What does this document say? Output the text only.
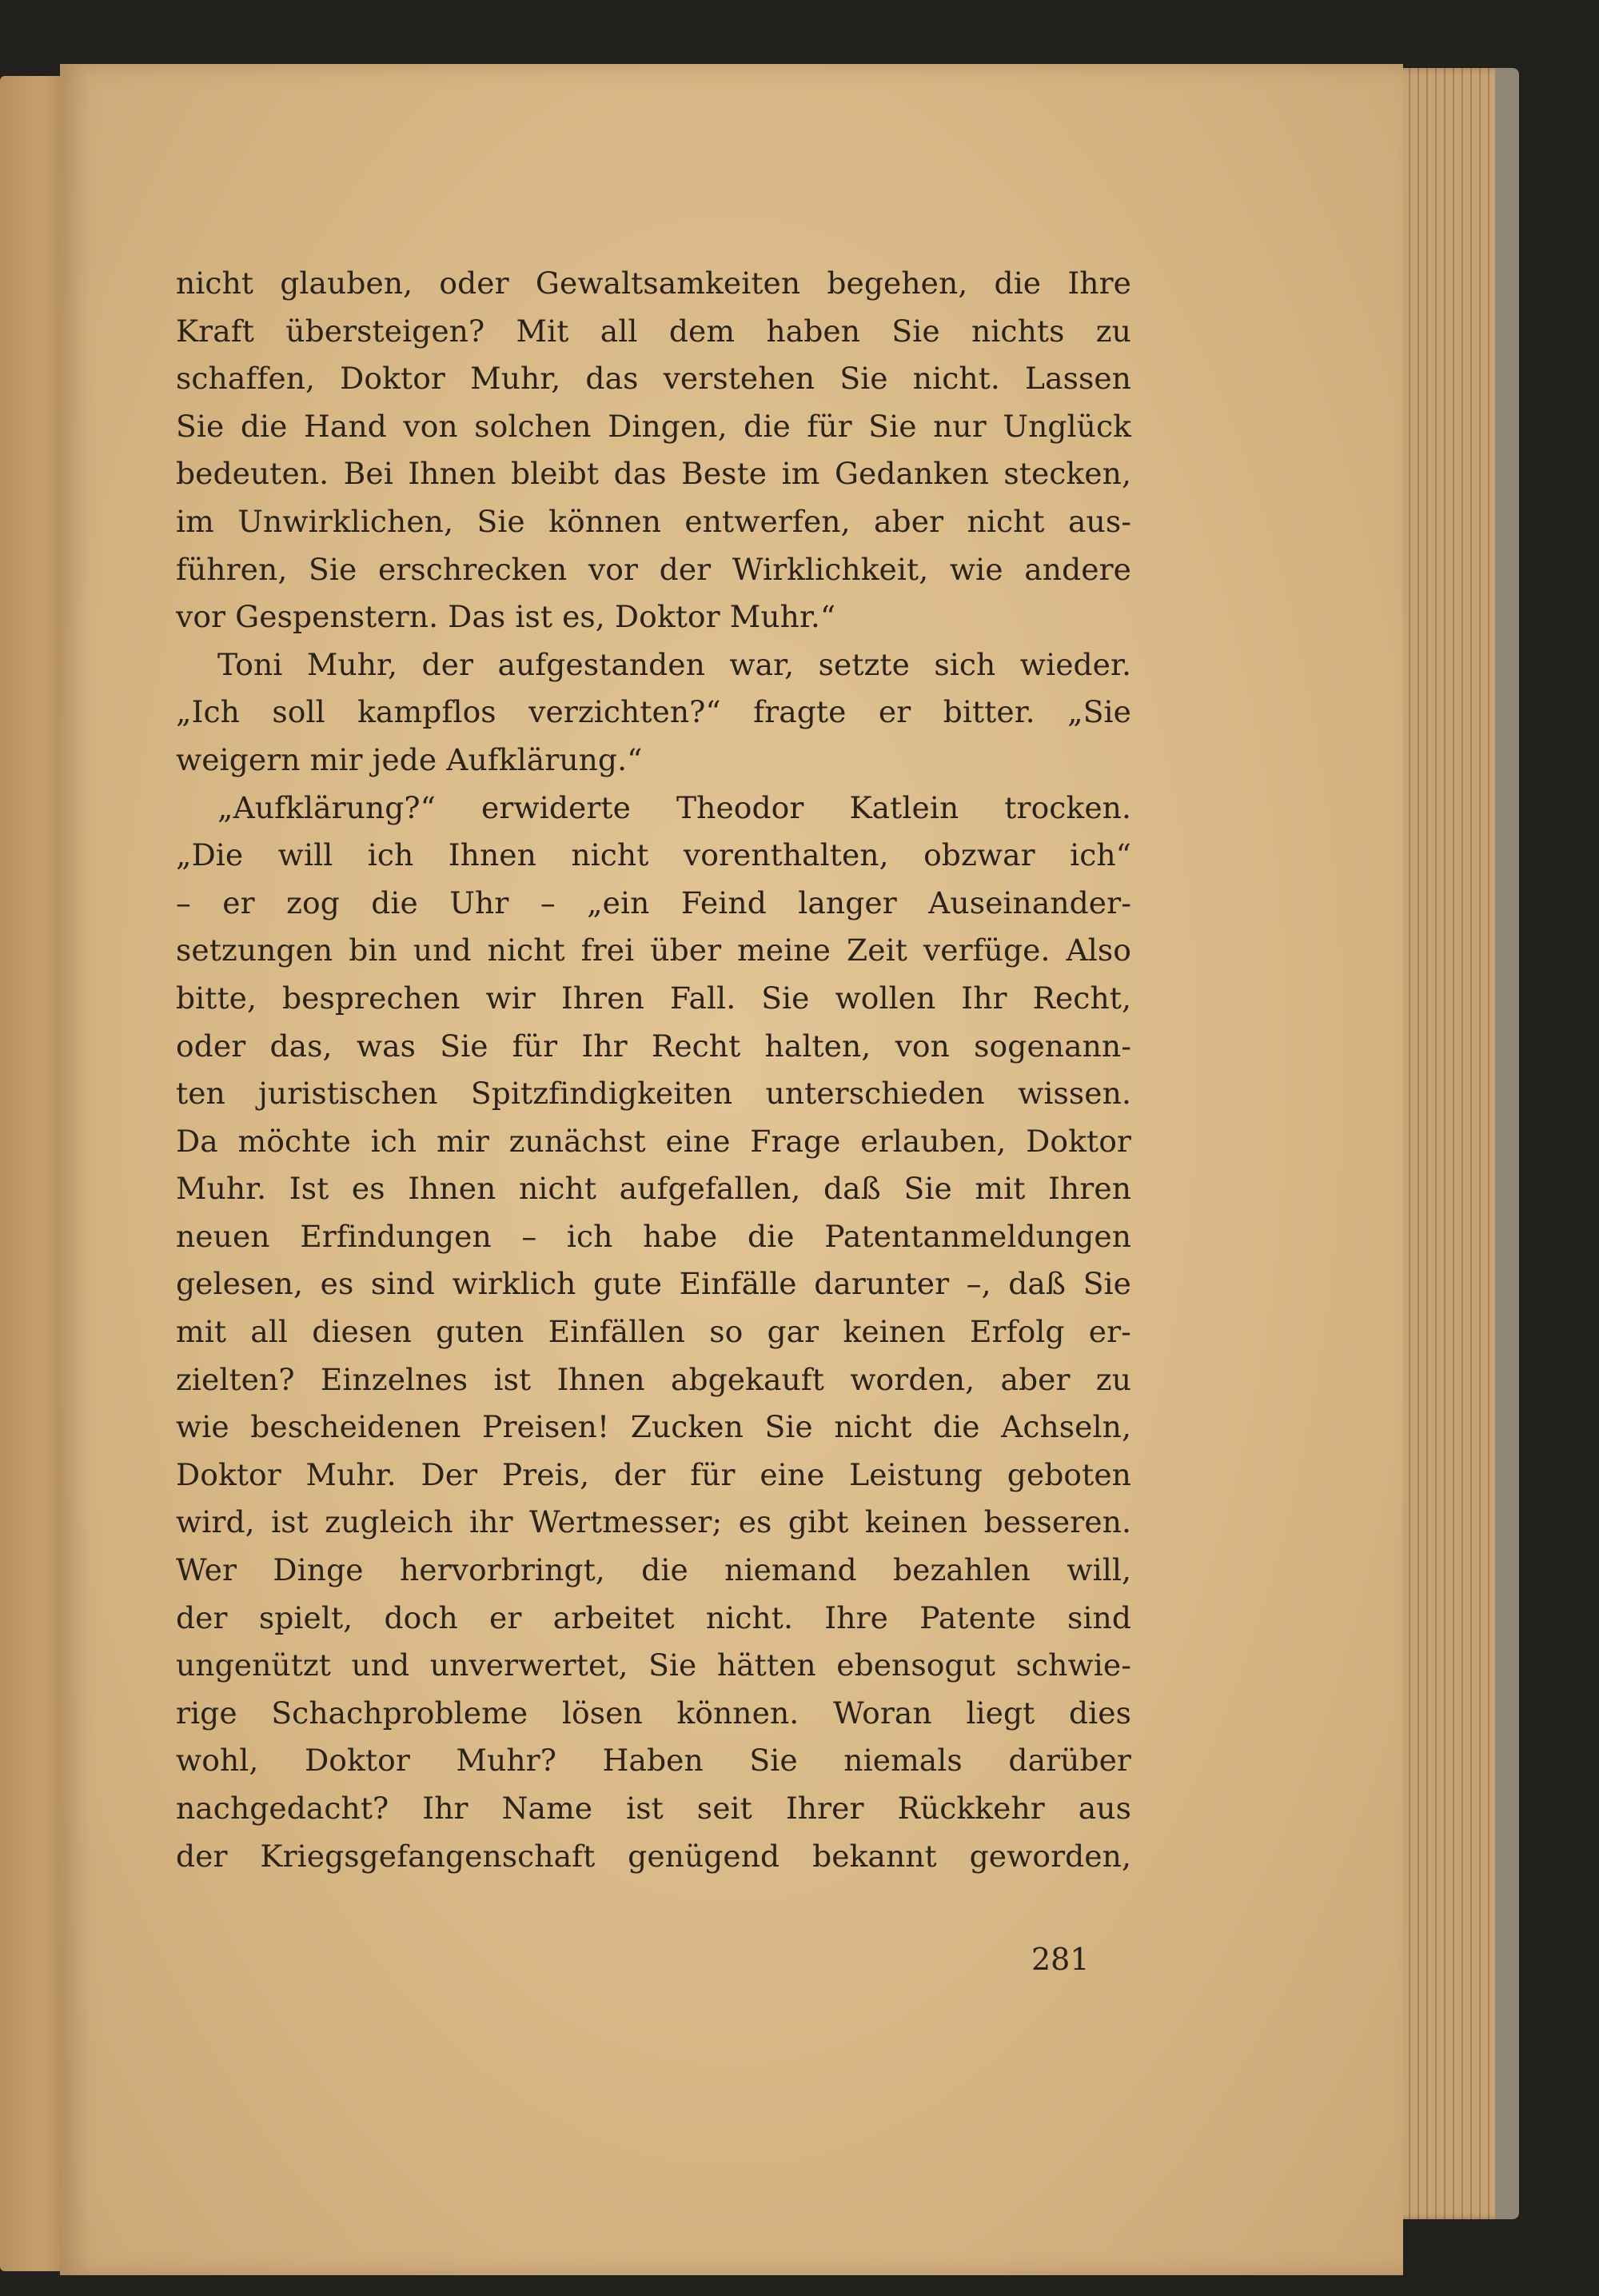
nicht glauben, oder Gewaltsamkeiten begehen, die Ihre
Kraft übersteigen? Mit all dem haben Sie nichts zu
schaffen, Doktor Muhr, das verstehen Sie nicht. Lassen
Sie die Hand von solchen Dingen, die für Sie nur Unglück
bedeuten. Bei Ihnen bleibt das Beste im Gedanken stecken,
im Unwirklichen, Sie können entwerfen, aber nicht aus-
führen, Sie erschrecken vor der Wirklichkeit, wie andere
vor Gespenstern. Das ist es, Doktor Muhr.“
Toni Muhr, der aufgestanden war, setzte sich wieder.
„Ich soll kampflos verzichten?“ fragte er bitter. „Sie
weigern mir jede Aufklärung.“
„Aufklärung?“ erwiderte Theodor Katlein trocken.
„Die will ich Ihnen nicht vorenthalten, obzwar ich“
– er zog die Uhr – „ein Feind langer Auseinander-
setzungen bin und nicht frei über meine Zeit verfüge. Also
bitte, besprechen wir Ihren Fall. Sie wollen Ihr Recht,
oder das, was Sie für Ihr Recht halten, von sogenann-
ten juristischen Spitzfindigkeiten unterschieden wissen.
Da möchte ich mir zunächst eine Frage erlauben, Doktor
Muhr. Ist es Ihnen nicht aufgefallen, daß Sie mit Ihren
neuen Erfindungen – ich habe die Patentanmeldungen
gelesen, es sind wirklich gute Einfälle darunter –, daß Sie
mit all diesen guten Einfällen so gar keinen Erfolg er-
zielten? Einzelnes ist Ihnen abgekauft worden, aber zu
wie bescheidenen Preisen! Zucken Sie nicht die Achseln,
Doktor Muhr. Der Preis, der für eine Leistung geboten
wird, ist zugleich ihr Wertmesser; es gibt keinen besseren.
Wer Dinge hervorbringt, die niemand bezahlen will,
der spielt, doch er arbeitet nicht. Ihre Patente sind
ungenützt und unverwertet, Sie hätten ebensogut schwie-
rige Schachprobleme lösen können. Woran liegt dies
wohl, Doktor Muhr? Haben Sie niemals darüber
nachgedacht? Ihr Name ist seit Ihrer Rückkehr aus
der Kriegsgefangenschaft genügend bekannt geworden,
281
